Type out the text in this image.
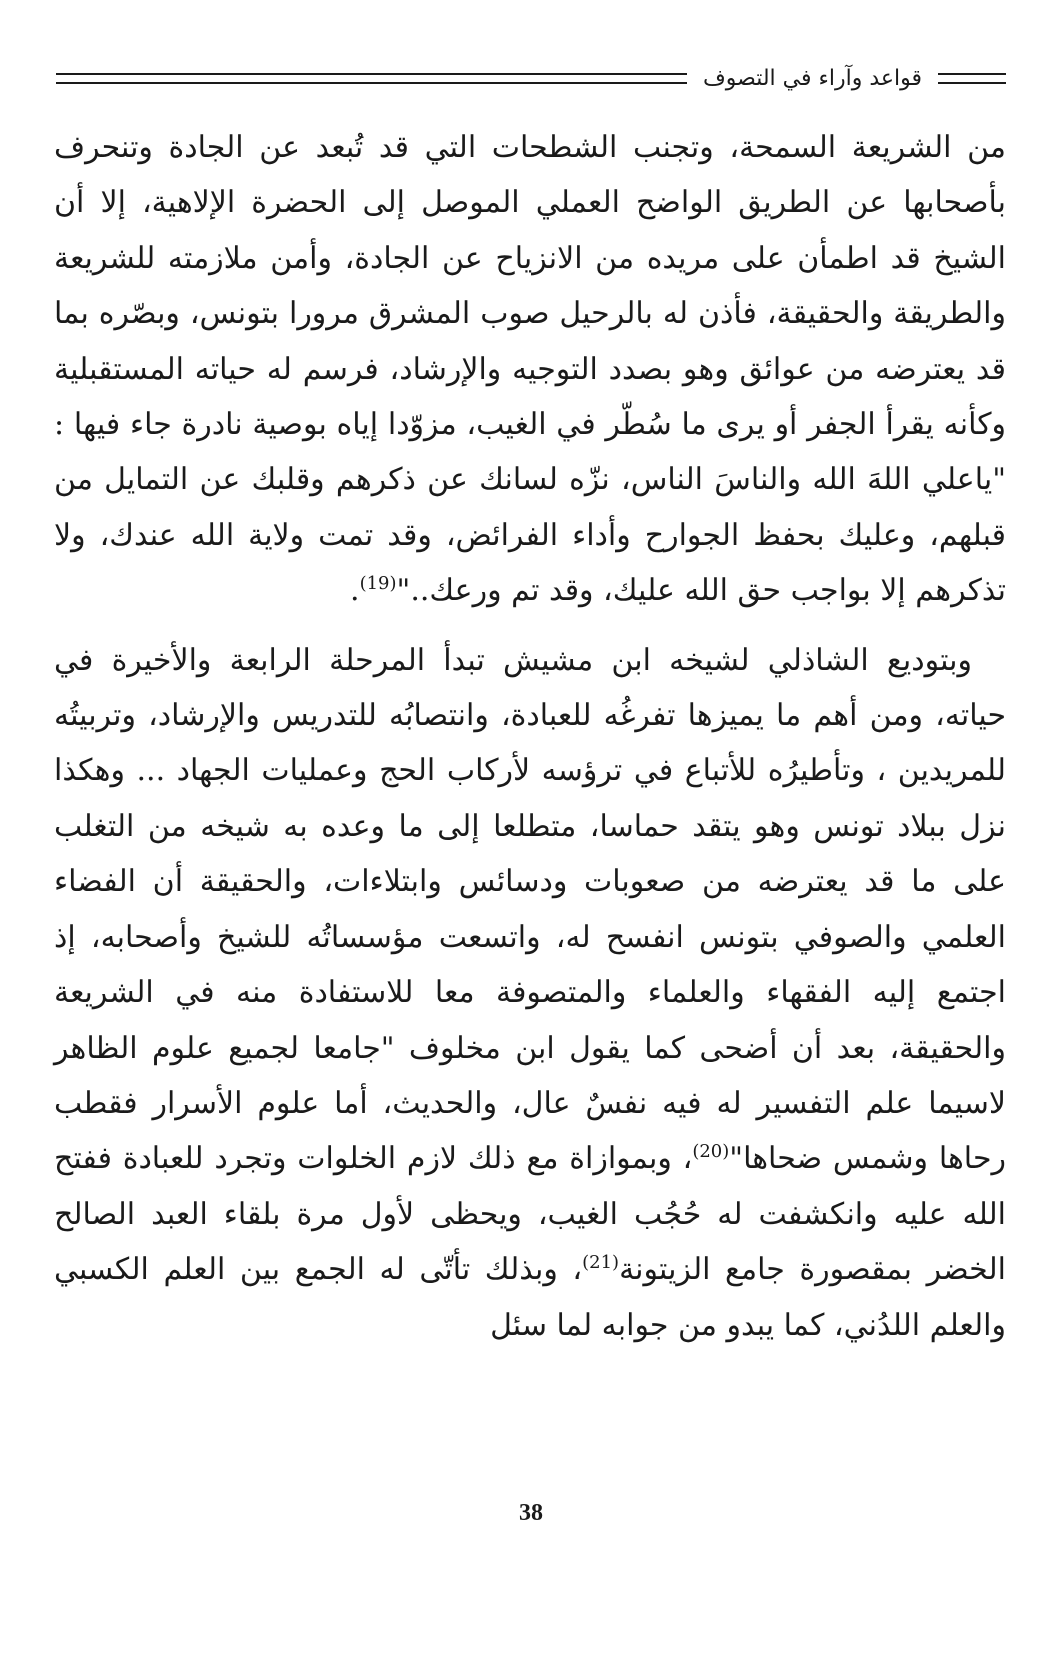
قواعد وآراء في التصوف

من الشريعة السمحة، وتجنب الشطحات التي قد تُبعد عن الجادة وتنحرف بأصحابها عن الطريق الواضح العملي الموصل إلى الحضرة الإلاهية، إلا أن الشيخ قد اطمأن على مريده من الانزياح عن الجادة، وأمن ملازمته للشريعة والطريقة والحقيقة، فأذن له بالرحيل صوب المشرق مرورا بتونس، وبصّره بما قد يعترضه من عوائق وهو بصدد التوجيه والإرشاد، فرسم له حياته المستقبلية وكأنه يقرأ الجفر أو يرى ما سُطّر في الغيب، مزوّدا إياه بوصية نادرة جاء فيها : "ياعلي اللهَ الله والناسَ الناس، نزّه لسانك عن ذكرهم وقلبك عن التمايل من قبلهم، وعليك بحفظ الجوارح وأداء الفرائض، وقد تمت ولاية الله عندك، ولا تذكرهم إلا بواجب حق الله عليك، وقد تم ورعك.."$^{(19)}$.

وبتوديع الشاذلي لشيخه ابن مشيش تبدأ المرحلة الرابعة والأخيرة في حياته، ومن أهم ما يميزها تفرغُه للعبادة، وانتصابُه للتدريس والإرشاد، وتربيتُه للمريدين ، وتأطيرُه للأتباع في ترؤسه لأركاب الحج وعمليات الجهاد ... وهكذا نزل ببلاد تونس وهو يتقد حماسا، متطلعا إلى ما وعده به شيخه من التغلب على ما قد يعترضه من صعوبات ودسائس وابتلاءات، والحقيقة أن الفضاء العلمي والصوفي بتونس انفسح له، واتسعت مؤسساتُه للشيخ وأصحابه، إذ اجتمع إليه الفقهاء والعلماء والمتصوفة معا للاستفادة منه في الشريعة والحقيقة، بعد أن أضحى كما يقول ابن مخلوف "جامعا لجميع علوم الظاهر لاسيما علم التفسير له فيه نفسٌ عال، والحديث، أما علوم الأسرار فقطب رحاها وشمس ضحاها"$^{(20)}$، وبموازاة مع ذلك لازم الخلوات وتجرد للعبادة ففتح الله عليه وانكشفت له حُجُب الغيب، ويحظى لأول مرة بلقاء العبد الصالح الخضر بمقصورة جامع الزيتونة$^{(21)}$، وبذلك تأتّى له الجمع بين العلم الكسبي والعلم اللدُني، كما يبدو من جوابه لما سئل

38
